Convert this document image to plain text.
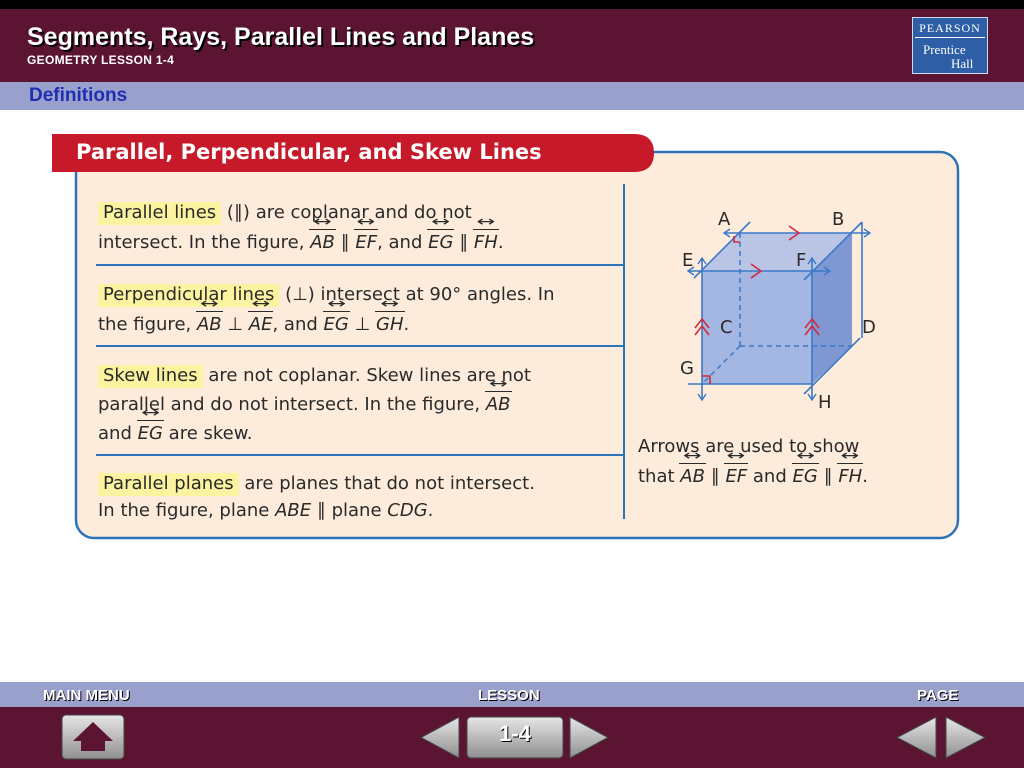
Segments, Rays, Parallel Lines and Planes
GEOMETRY LESSON 1-4
PEARSON
Prentice
Hall
Definitions
Parallel, Perpendicular, and Skew Lines
Parallel lines (∥) are coplanar and do not
intersect. In the figure, AB ↔ ∥ EF ↔, and EG ↔ ∥ FH ↔.
Perpendicular lines (⊥) intersect at 90° angles. In
the figure, AB ↔ ⊥ AE ↔, and EG ↔ ⊥ GH ↔.
Skew lines are not coplanar. Skew lines are not
parallel and do not intersect. In the figure, AB ↔
and EG ↔ are skew.
Parallel planes are planes that do not intersect.
In the figure, plane ABE ∥ plane CDG.
A	B
E	F
C	D
G
H
Arrows are used to show
that AB ↔ ∥ EF ↔ and EG ↔ ∥ FH ↔.
MAIN MENU	LESSON	PAGE
1-4
